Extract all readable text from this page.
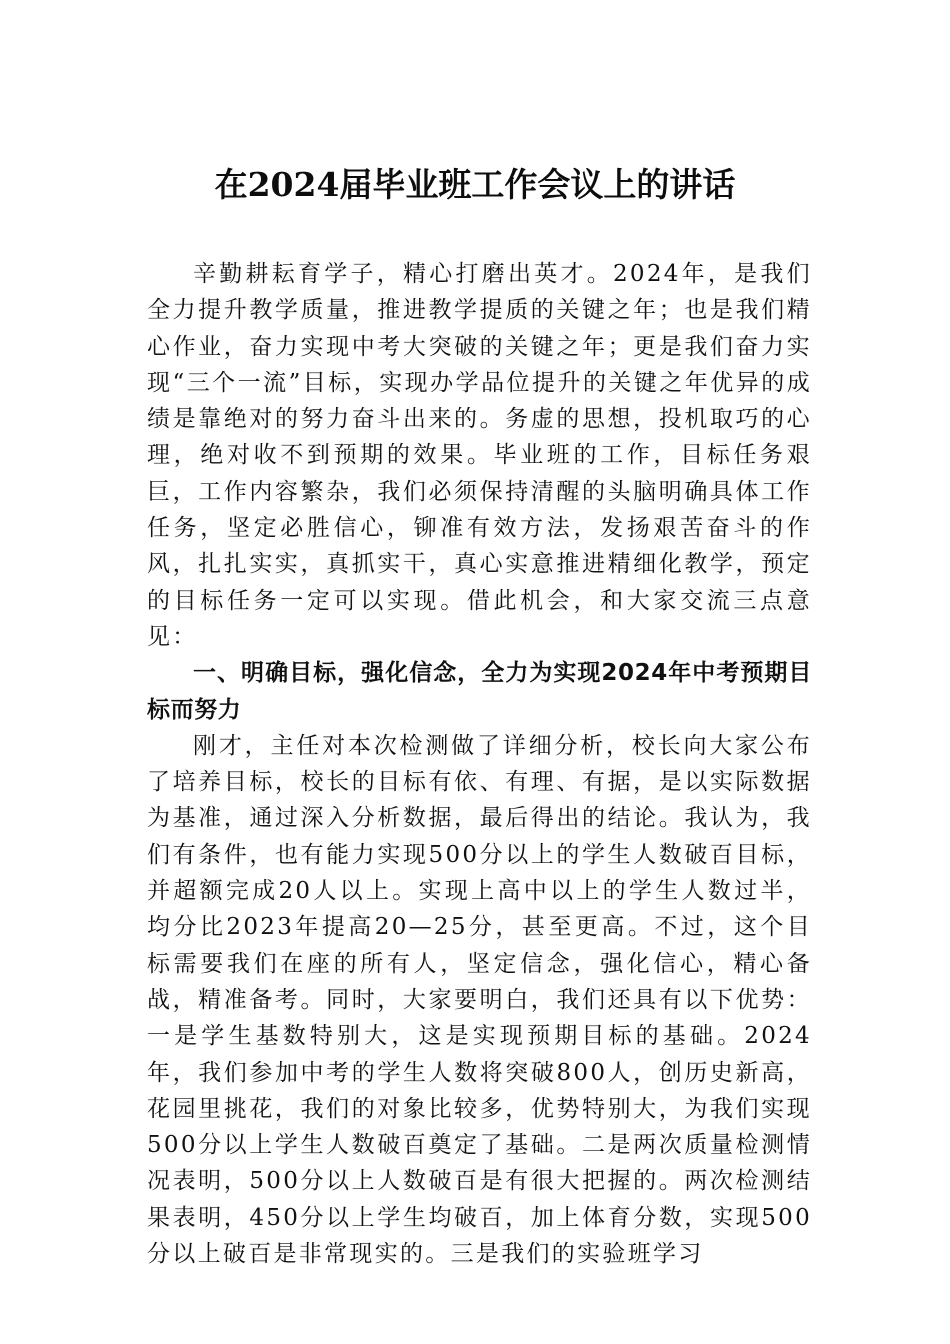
在2024届毕业班工作会议上的讲话

辛勤耕耘育学子，精心打磨出英才。2024年，是我们全力提升教学质量，推进教学提质的关键之年；也是我们精心作业，奋力实现中考大突破的关键之年；更是我们奋力实现“三个一流”目标，实现办学品位提升的关键之年优异的成绩是靠绝对的努力奋斗出来的。务虚的思想，投机取巧的心理，绝对收不到预期的效果。毕业班的工作，目标任务艰巨，工作内容繁杂，我们必须保持清醒的头脑明确具体工作任务，坚定必胜信心，铆准有效方法，发扬艰苦奋斗的作风，扎扎实实，真抓实干，真心实意推进精细化教学，预定的目标任务一定可以实现。借此机会，和大家交流三点意见：

一、明确目标，强化信念，全力为实现2024年中考预期目标而努力

刚才，主任对本次检测做了详细分析，校长向大家公布了培养目标，校长的目标有依、有理、有据，是以实际数据为基准，通过深入分析数据，最后得出的结论。我认为，我们有条件，也有能力实现500分以上的学生人数破百目标，并超额完成20人以上。实现上高中以上的学生人数过半，均分比2023年提高20—25分，甚至更高。不过，这个目标需要我们在座的所有人，坚定信念，强化信心，精心备战，精准备考。同时，大家要明白，我们还具有以下优势：一是学生基数特别大，这是实现预期目标的基础。2024年，我们参加中考的学生人数将突破800人，创历史新高，花园里挑花，我们的对象比较多，优势特别大，为我们实现500分以上学生人数破百奠定了基础。二是两次质量检测情况表明，500分以上人数破百是有很大把握的。两次检测结果表明，450分以上学生均破百，加上体育分数，实现500分以上破百是非常现实的。三是我们的实验班学习
